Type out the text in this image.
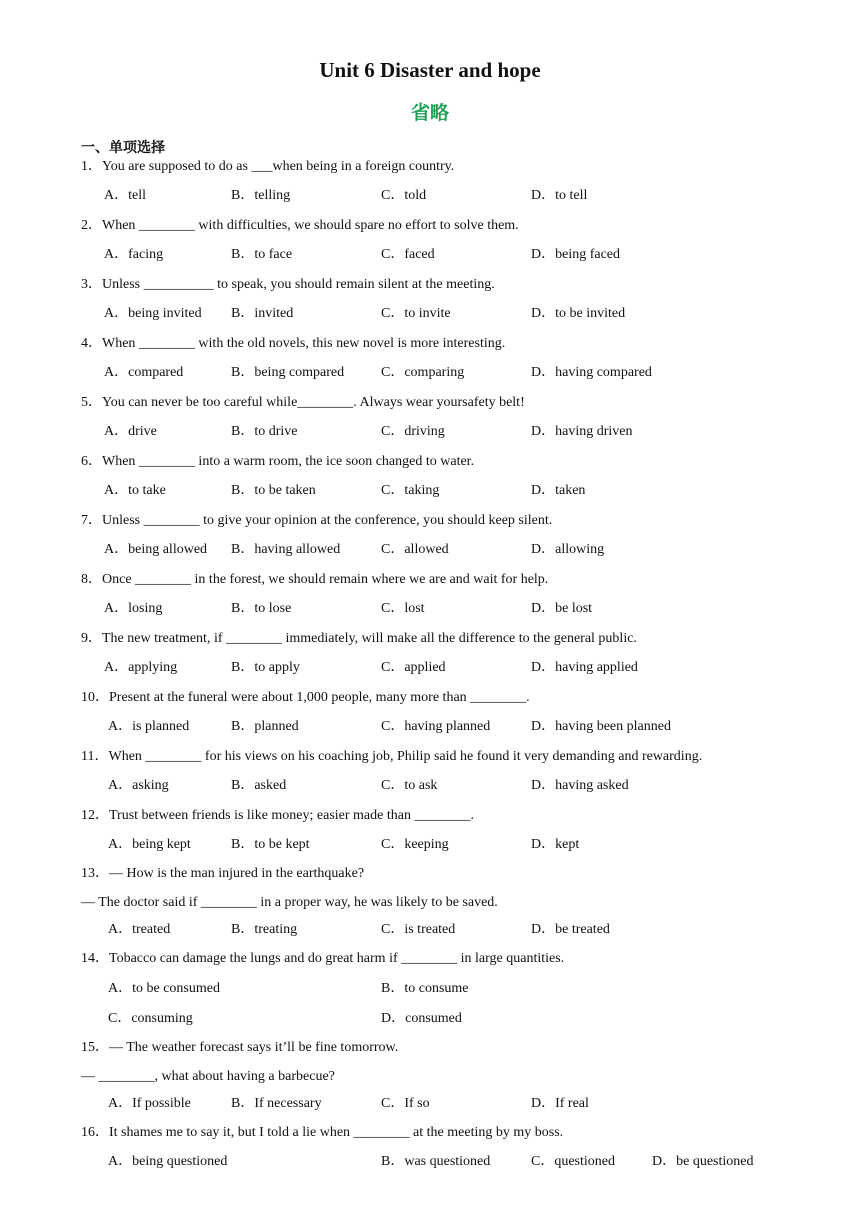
Unit 6 Disaster and hope
省略
一、单项选择
1．You are supposed to do as ___when being in a foreign country.
A．tell	B．telling	C．told	D．to tell
2．When ________ with difficulties, we should spare no effort to solve them.
A．facing	B．to face	C．faced	D．being faced
3．Unless __________ to speak, you should remain silent at the meeting.
A．being invited B．invited	C．to invite	D．to be invited
4．When ________ with the old novels, this new novel is more interesting.
A．compared	B．being compared	C．comparing	D．having compared
5．You can never be too careful while________. Always wear yoursafety belt!
A．drive	B．to drive	C．driving	D．having driven
6．When ________ into a warm room, the ice soon changed to water.
A．to take	B．to be taken	C．taking	D．taken
7．Unless ________ to give your opinion at the conference, you should keep silent.
A．being allowed B．having allowed	C．allowed	D．allowing
8．Once ________ in the forest, we should remain where we are and wait for help.
A．losing	B．to lose	C．lost	D．be lost
9．The new treatment, if ________ immediately, will make all the difference to the general public.
A．applying	B．to apply	C．applied	D．having applied
10．Present at the funeral were about 1,000 people, many more than ________.
A．is planned	B．planned	C．having planned	D．having been planned
11．When ________ for his views on his coaching job, Philip said he found it very demanding and rewarding.
A．asking	B．asked	C．to ask	D．having asked
12．Trust between friends is like money; easier made than ________.
A．being kept	B．to be kept	C．keeping	D．kept
13．— How is the man injured in the earthquake?
— The doctor said if ________ in a proper way, he was likely to be saved.
A．treated	B．treating	C．is treated	D．be treated
14．Tobacco can damage the lungs and do great harm if ________ in large quantities.
A．to be consumed	B．to consume
C．consuming	D．consumed
15．— The weather forecast says it’ll be fine tomorrow.
— ________, what about having a barbecue?
A．If possible	B．If necessary	C．If so	D．If real
16．It shames me to say it, but I told a lie when ________ at the meeting by my boss.
A．being questioned	B．was questioned	C．questioned	D．be questioned
